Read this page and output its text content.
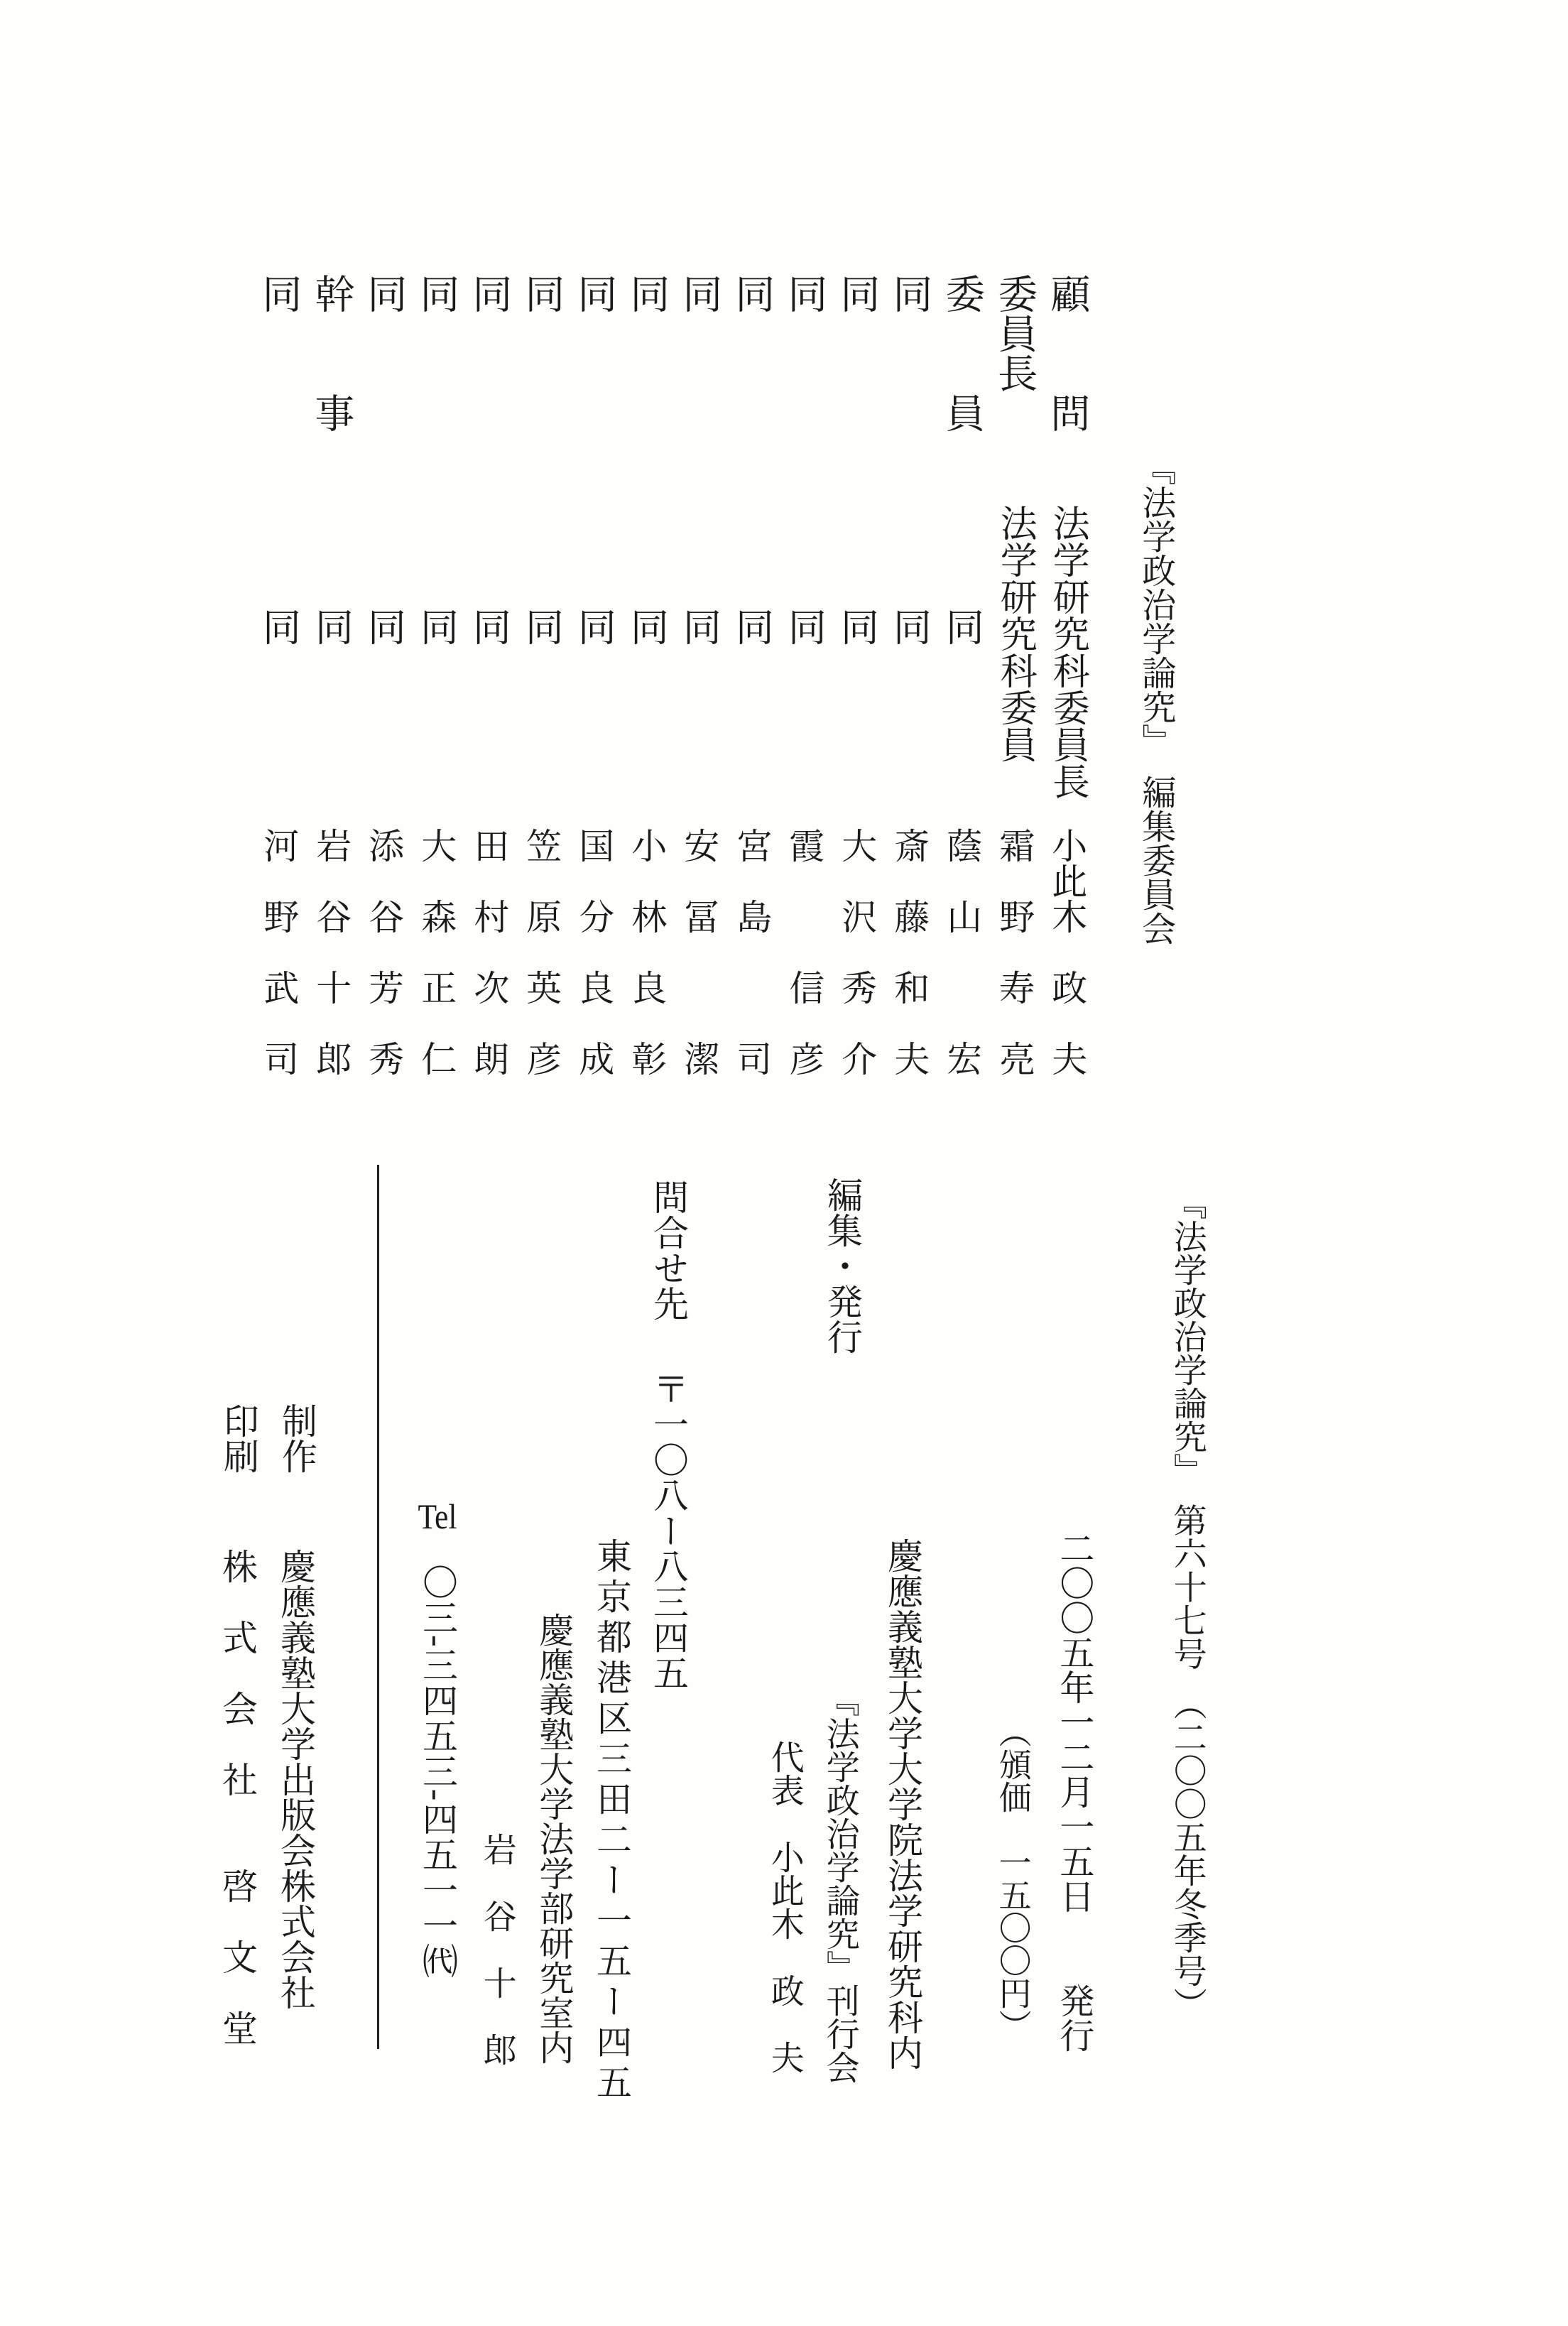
『法学政治学論究』　編集委員会
顧　　問
法学研究科委員長
小此木　政　夫
委員長
法学研究科委員
霜　野　寿　亮
委　　員
同
蔭　山　　　宏
同
同
斎　藤　和　夫
同
同
大　沢　秀　介
同
同
霞　　　信　彦
同
同
宮　島　　　司
同
同
安　冨　　　潔
同
同
小　林　良　彰
同
同
国　分　良　成
同
同
笠　原　英　彦
同
同
田　村　次　朗
同
同
大　森　正　仁
同
同
添　谷　芳　秀
幹　　事
同
岩　谷　十　郎
同
同
河　野　武　司
『法学政治学論究』　第六十七号　（二〇〇五年冬季号）
二〇〇五年一二月一五日　　発行
（頒価　一五〇〇円）
慶應義塾大学大学院法学研究科内
編集・発行
『法学政治学論究』刊行会
代表　小此木　政　夫
問合せ先
〒一〇八ー八三四五
東京都港区三田二ー一五ー四五
慶應義塾大学法学部研究室内
岩　谷　十　郎
Tel〇三-三四五三-四五一一㈹
制作
慶應義塾大学出版会株式会社
印刷
株　式　会　社　　啓　文　堂
